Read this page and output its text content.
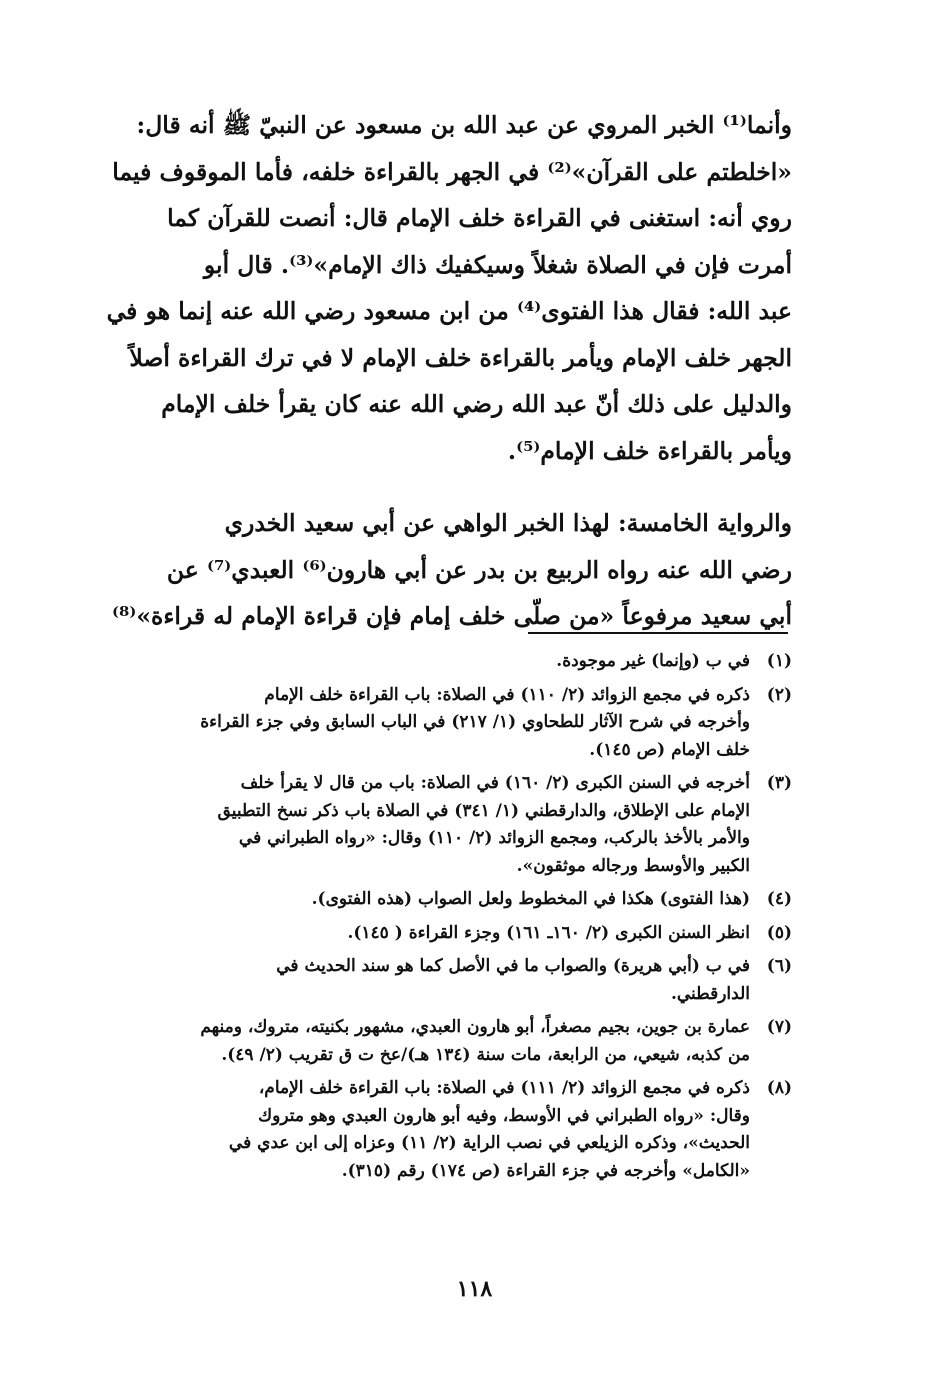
وأنما⁽¹⁾ الخبر المروي عن عبد الله بن مسعود عن النبيّ ﷺ أنه قال:
«اخلطتم على القرآن»⁽²⁾ في الجهر بالقراءة خلفه، فأما الموقوف فيما
روي أنه: استغنى في القراءة خلف الإمام قال: أنصت للقرآن كما
أمرت فإن في الصلاة شغلاً وسيكفيك ذاك الإمام»⁽³⁾. قال أبو
عبد الله: فقال هذا الفتوى⁽⁴⁾ من ابن مسعود رضي الله عنه إنما هو في
الجهر خلف الإمام ويأمر بالقراءة خلف الإمام لا في ترك القراءة أصلاً
والدليل على ذلك أنّ عبد الله رضي الله عنه كان يقرأ خلف الإمام
ويأمر بالقراءة خلف الإمام⁽⁵⁾.

والرواية الخامسة: لهذا الخبر الواهي عن أبي سعيد الخدري
رضي الله عنه رواه الربيع بن بدر عن أبي هارون⁽⁶⁾ العبدي⁽⁷⁾ عن
أبي سعيد مرفوعاً «من صلّى خلف إمام فإن قراءة الإمام له قراءة»⁽⁸⁾

(١)
في ب (وإنما) غير موجودة.
(٢)
ذكره في مجمع الزوائد (٢/ ١١٠) في الصلاة: باب القراءة خلف الإمام
وأخرجه في شرح الآثار للطحاوي (١/ ٢١٧) في الباب السابق وفي جزء القراءة
خلف الإمام (ص ١٤٥).
(٣)
أخرجه في السنن الكبرى (٢/ ١٦٠) في الصلاة: باب من قال لا يقرأ خلف
الإمام على الإطلاق، والدارقطني (١/ ٣٤١) في الصلاة باب ذكر نسخ التطبيق
والأمر بالأخذ بالركب، ومجمع الزوائد (٢/ ١١٠) وقال: «رواه الطبراني في
الكبير والأوسط ورجاله موثقون».
(٤)
(هذا الفتوى) هكذا في المخطوط ولعل الصواب (هذه الفتوى).
(٥)
انظر السنن الكبرى (٢/ ١٦٠ـ ١٦١) وجزء القراءة ( ١٤٥).
(٦)
في ب (أبي هريرة) والصواب ما في الأصل كما هو سند الحديث في
الدارقطني.
(٧)
عمارة بن جوين، بجيم مصغراً، أبو هارون العبدي، مشهور بكنيته، متروك، ومنهم
من كذبه، شيعي، من الرابعة، مات سنة (١٣٤ هـ)/عخ ت ق تقريب (٢/ ٤٩).
(٨)
ذكره في مجمع الزوائد (٢/ ١١١) في الصلاة: باب القراءة خلف الإمام،
وقال: «رواه الطبراني في الأوسط، وفيه أبو هارون العبدي وهو متروك
الحديث»، وذكره الزيلعي في نصب الراية (٢/ ١١) وعزاه إلى ابن عدي في
«الكامل» وأخرجه في جزء القراءة (ص ١٧٤) رقم (٣١٥).
١١٨
